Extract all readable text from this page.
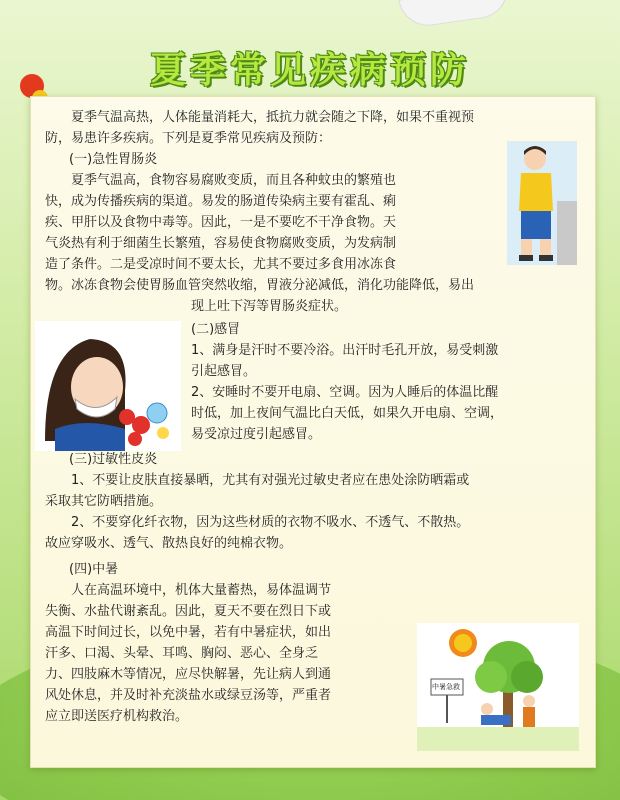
夏季常见疾病预防
　　夏季气温高热，人体能量消耗大，抵抗力就会随之下降，如果不重视预
防，易患许多疾病。下列是夏季常见疾病及预防：
(一)急性胃肠炎
　　夏季气温高，食物容易腐败变质，而且各种蚊虫的繁殖也
快，成为传播疾病的渠道。易发的肠道传染病主要有霍乱、痢
疾、甲肝以及食物中毒等。因此，一是不要吃不干净食物。天
气炎热有利于细菌生长繁殖，容易使食物腐败变质，为发病制
造了条件。二是受凉时间不要太长，尤其不要过多食用冰冻食
物。冰冻食物会使胃肠血管突然收缩，胃液分泌减低，消化功能降低，易出
现上吐下泻等胃肠炎症状。
(二)感冒
1、满身是汗时不要冷浴。出汗时毛孔开放，易受刺激
引起感冒。
2、安睡时不要开电扇、空调。因为人睡后的体温比醒
时低，加上夜间气温比白天低，如果久开电扇、空调，
易受凉过度引起感冒。
(三)过敏性皮炎
　　1、不要让皮肤直接暴晒，尤其有对强光过敏史者应在患处涂防晒霜或
采取其它防晒措施。
　　2、不要穿化纤衣物，因为这些材质的衣物不吸水、不透气、不散热。
故应穿吸水、透气、散热良好的纯棉衣物。
(四)中暑
　　人在高温环境中，机体大量蓄热，易体温调节
失衡、水盐代谢紊乱。因此，夏天不要在烈日下或
高温下时间过长，以免中暑，若有中暑症状，如出
汗多、口渴、头晕、耳鸣、胸闷、恶心、全身乏
力、四肢麻木等情况，应尽快解暑，先让病人到通
风处休息，并及时补充淡盐水或绿豆汤等，严重者
应立即送医疗机构救治。
中暑急救
